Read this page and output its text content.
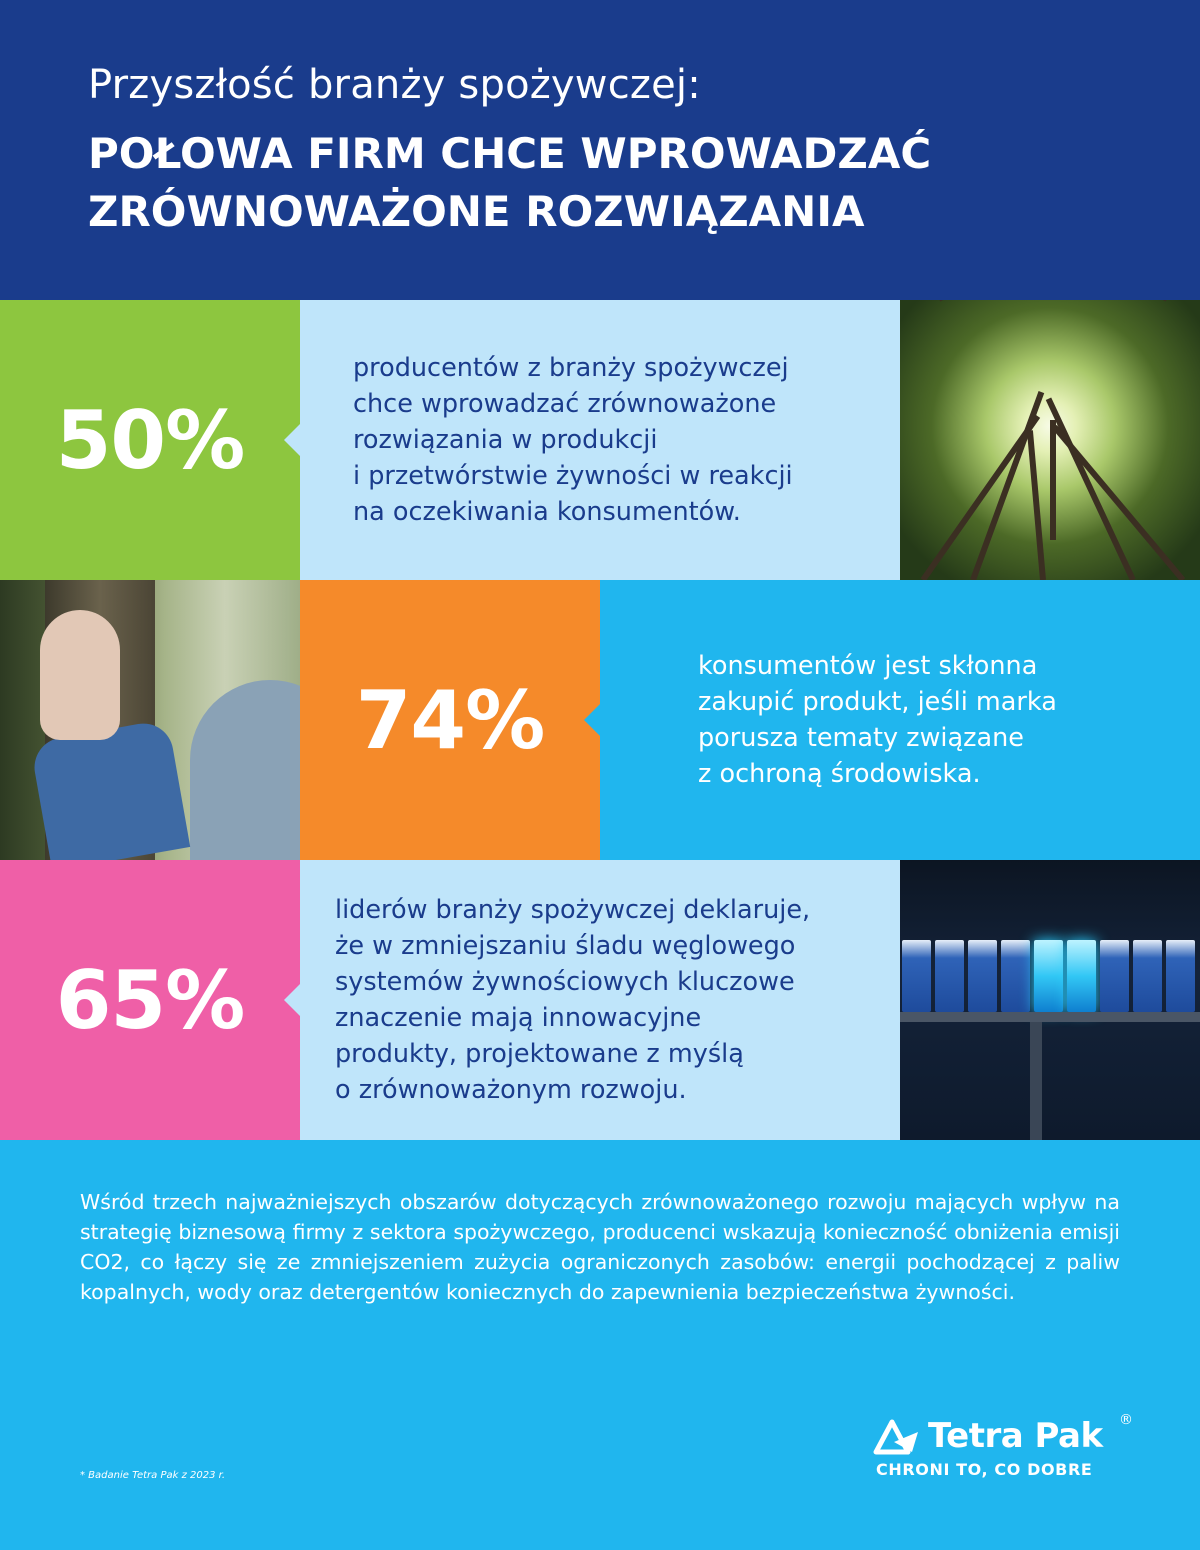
Przyszłość branży spożywczej:
POŁOWA FIRM CHCE WPROWADZAĆ
ZRÓWNOWAŻONE ROZWIĄZANIA
50%
producentów z branży spożywczej
chce wprowadzać zrównoważone
rozwiązania w produkcji
i przetwórstwie żywności w reakcji
na oczekiwania konsumentów.
74%
konsumentów jest skłonna
zakupić produkt, jeśli marka
porusza tematy związane
z ochroną środowiska.
65%
liderów branży spożywczej deklaruje,
że w zmniejszaniu śladu węglowego
systemów żywnościowych kluczowe
znaczenie mają innowacyjne
produkty, projektowane z myślą
o zrównoważonym rozwoju.
Wśród trzech najważniejszych obszarów dotyczących zrównoważonego rozwoju mających wpływ na strategię biznesową firmy z sektora spożywczego, producenci wskazują konieczność obniżenia emisji CO2, co łączy się ze zmniejszeniem zużycia ograniczonych zasobów: energii pochodzącej z paliw kopalnych, wody oraz detergentów koniecznych do zapewnienia bezpieczeństwa żywności.
* Badanie Tetra Pak z 2023 r.
Tetra Pak ®
CHRONI TO, CO DOBRE
